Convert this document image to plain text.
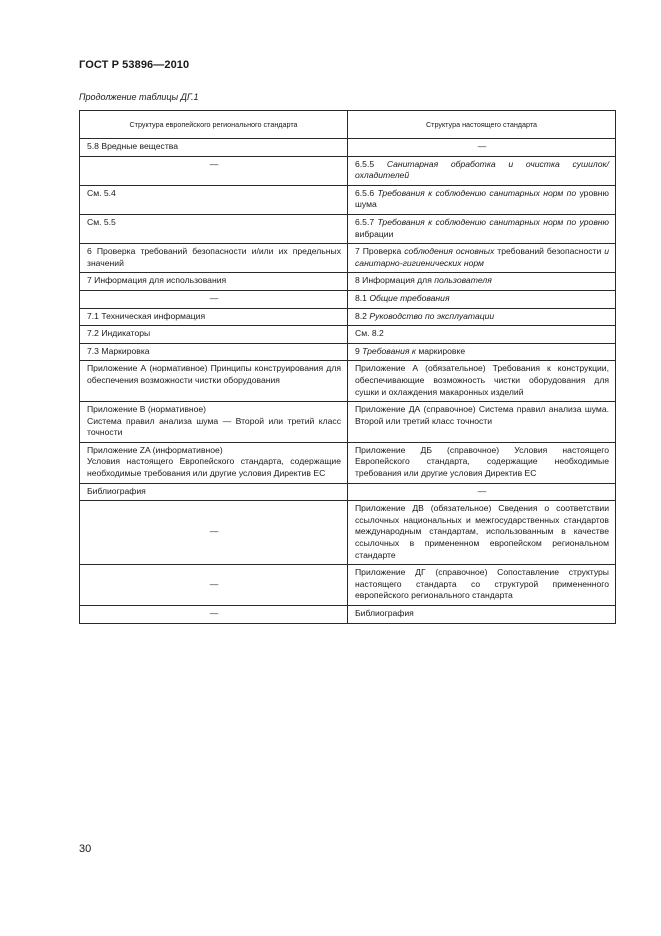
ГОСТ Р 53896—2010
Продолжение таблицы ДГ.1
Структура европейского регионального стандарта	Структура настоящего стандарта
5.8 Вредные вещества	—
—	6.5.5 Санитарная обработка и очистка сушилок/охладителей
См. 5.4	6.5.6 Требования к соблюдению санитарных норм по уровню шума
См. 5.5	6.5.7 Требования к соблюдению санитарных норм по уровню вибрации
6 Проверка требований безопасности и/или их предельных значений	7 Проверка соблюдения основных требований безопасности и санитарно-гигиенических норм
7 Информация для использования	8 Информация для пользователя
—	8.1 Общие требования
7.1 Техническая информация	8.2 Руководство по эксплуатации
7.2 Индикаторы	См. 8.2
7.3 Маркировка	9 Требования к маркировке
Приложение А (нормативное) Принципы конструирования для обеспечения возможности чистки оборудования	Приложение А (обязательное) Требования к конструкции, обеспечивающие возможность чистки оборудования для сушки и охлаждения макаронных изделий

Приложение В (нормативное)
Система правил анализа шума — Второй или третий класс точности	Приложение ДА (справочное) Система правил анализа шума. Второй или третий класс точности

Приложение ZA (информативное)
Условия настоящего Европейского стандарта, содержащие необходимые требования или другие условия Директив ЕС	Приложение ДБ (справочное) Условия настоящего Европейского стандарта, содержащие необходимые требования или другие условия Директив ЕС
Библиография	—
—	Приложение ДВ (обязательное) Сведения о соответствии ссылочных национальных и межгосударственных стандартов международным стандартам, использованным в качестве ссылочных в примененном европейском региональном стандарте
—	Приложение ДГ (справочное) Сопоставление структуры настоящего стандарта со структурой примененного европейского регионального стандарта
—	Библиография
30
